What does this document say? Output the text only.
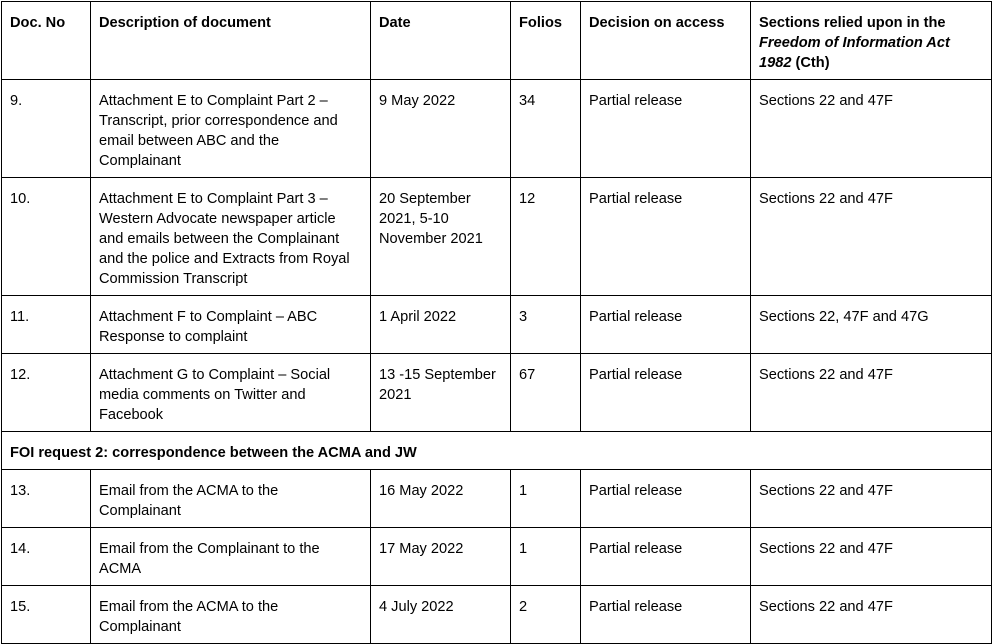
Doc. No	Description of document	Date	Folios	Decision on access	Sections relied upon in the Freedom of Information Act 1982 (Cth)
9.	Attachment E to Complaint Part 2 – Transcript, prior correspondence and email between ABC and the Complainant	9 May 2022	34	Partial release	Sections 22 and 47F
10.	Attachment E to Complaint Part 3 – Western Advocate newspaper article and emails between the Complainant and the police and Extracts from Royal Commission Transcript	20 September 2021, 5-10 November 2021	12	Partial release	Sections 22 and 47F
11.	Attachment F to Complaint – ABC Response to complaint	1 April 2022	3	Partial release	Sections 22, 47F and 47G
12.	Attachment G to Complaint – Social media comments on Twitter and Facebook	13 -15 September 2021	67	Partial release	Sections 22 and 47F
FOI request 2: correspondence between the ACMA and JW					
13.	Email from the ACMA to the Complainant	16 May 2022	1	Partial release	Sections 22 and 47F
14.	Email from the Complainant to the ACMA	17 May 2022	1	Partial release	Sections 22 and 47F
15.	Email from the ACMA to the Complainant	4 July 2022	2	Partial release	Sections 22 and 47F
